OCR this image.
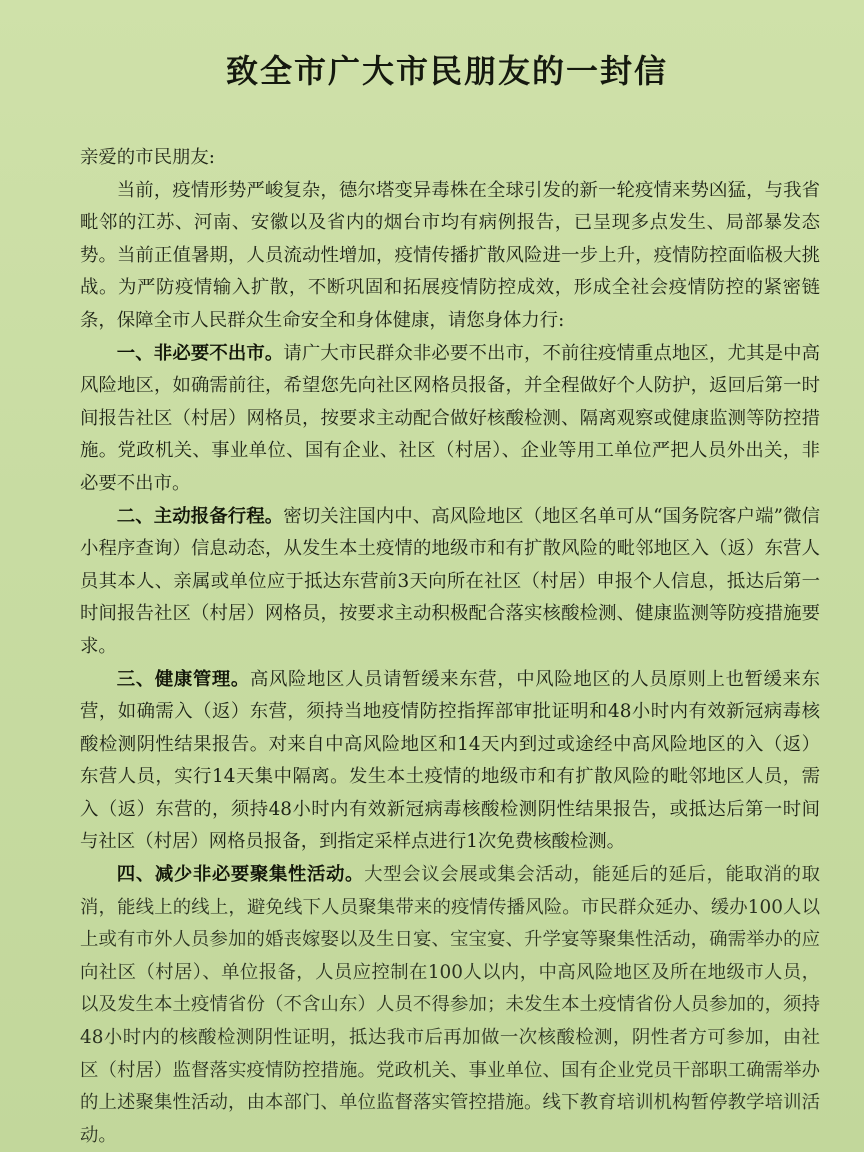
致全市广大市民朋友的一封信

亲爱的市民朋友:

当前，疫情形势严峻复杂，德尔塔变异毒株在全球引发的新一轮疫情来势凶猛，与我省毗邻的江苏、河南、安徽以及省内的烟台市均有病例报告，已呈现多点发生、局部暴发态势。当前正值暑期，人员流动性增加，疫情传播扩散风险进一步上升，疫情防控面临极大挑战。为严防疫情输入扩散，不断巩固和拓展疫情防控成效，形成全社会疫情防控的紧密链条，保障全市人民群众生命安全和身体健康，请您身体力行:

一、非必要不出市。请广大市民群众非必要不出市，不前往疫情重点地区，尤其是中高风险地区，如确需前往，希望您先向社区网格员报备，并全程做好个人防护，返回后第一时间报告社区（村居）网格员，按要求主动配合做好核酸检测、隔离观察或健康监测等防控措施。党政机关、事业单位、国有企业、社区（村居）、企业等用工单位严把人员外出关，非必要不出市。

二、主动报备行程。密切关注国内中、高风险地区（地区名单可从“国务院客户端”微信小程序查询）信息动态，从发生本土疫情的地级市和有扩散风险的毗邻地区入（返）东营人员其本人、亲属或单位应于抵达东营前3天向所在社区（村居）申报个人信息，抵达后第一时间报告社区（村居）网格员，按要求主动积极配合落实核酸检测、健康监测等防疫措施要求。

三、健康管理。高风险地区人员请暂缓来东营，中风险地区的人员原则上也暂缓来东营，如确需入（返）东营，须持当地疫情防控指挥部审批证明和48小时内有效新冠病毒核酸检测阴性结果报告。对来自中高风险地区和14天内到过或途经中高风险地区的入（返）东营人员，实行14天集中隔离。发生本土疫情的地级市和有扩散风险的毗邻地区人员，需入（返）东营的，须持48小时内有效新冠病毒核酸检测阴性结果报告，或抵达后第一时间与社区（村居）网格员报备，到指定采样点进行1次免费核酸检测。

四、减少非必要聚集性活动。大型会议会展或集会活动，能延后的延后，能取消的取消，能线上的线上，避免线下人员聚集带来的疫情传播风险。市民群众延办、缓办100人以上或有市外人员参加的婚丧嫁娶以及生日宴、宝宝宴、升学宴等聚集性活动，确需举办的应向社区（村居）、单位报备，人员应控制在100人以内，中高风险地区及所在地级市人员，以及发生本土疫情省份（不含山东）人员不得参加；未发生本土疫情省份人员参加的，须持48小时内的核酸检测阴性证明，抵达我市后再加做一次核酸检测，阴性者方可参加，由社区（村居）监督落实疫情防控措施。党政机关、事业单位、国有企业党员干部职工确需举办的上述聚集性活动，由本部门、单位监督落实管控措施。线下教育培训机构暂停教学培训活动。
